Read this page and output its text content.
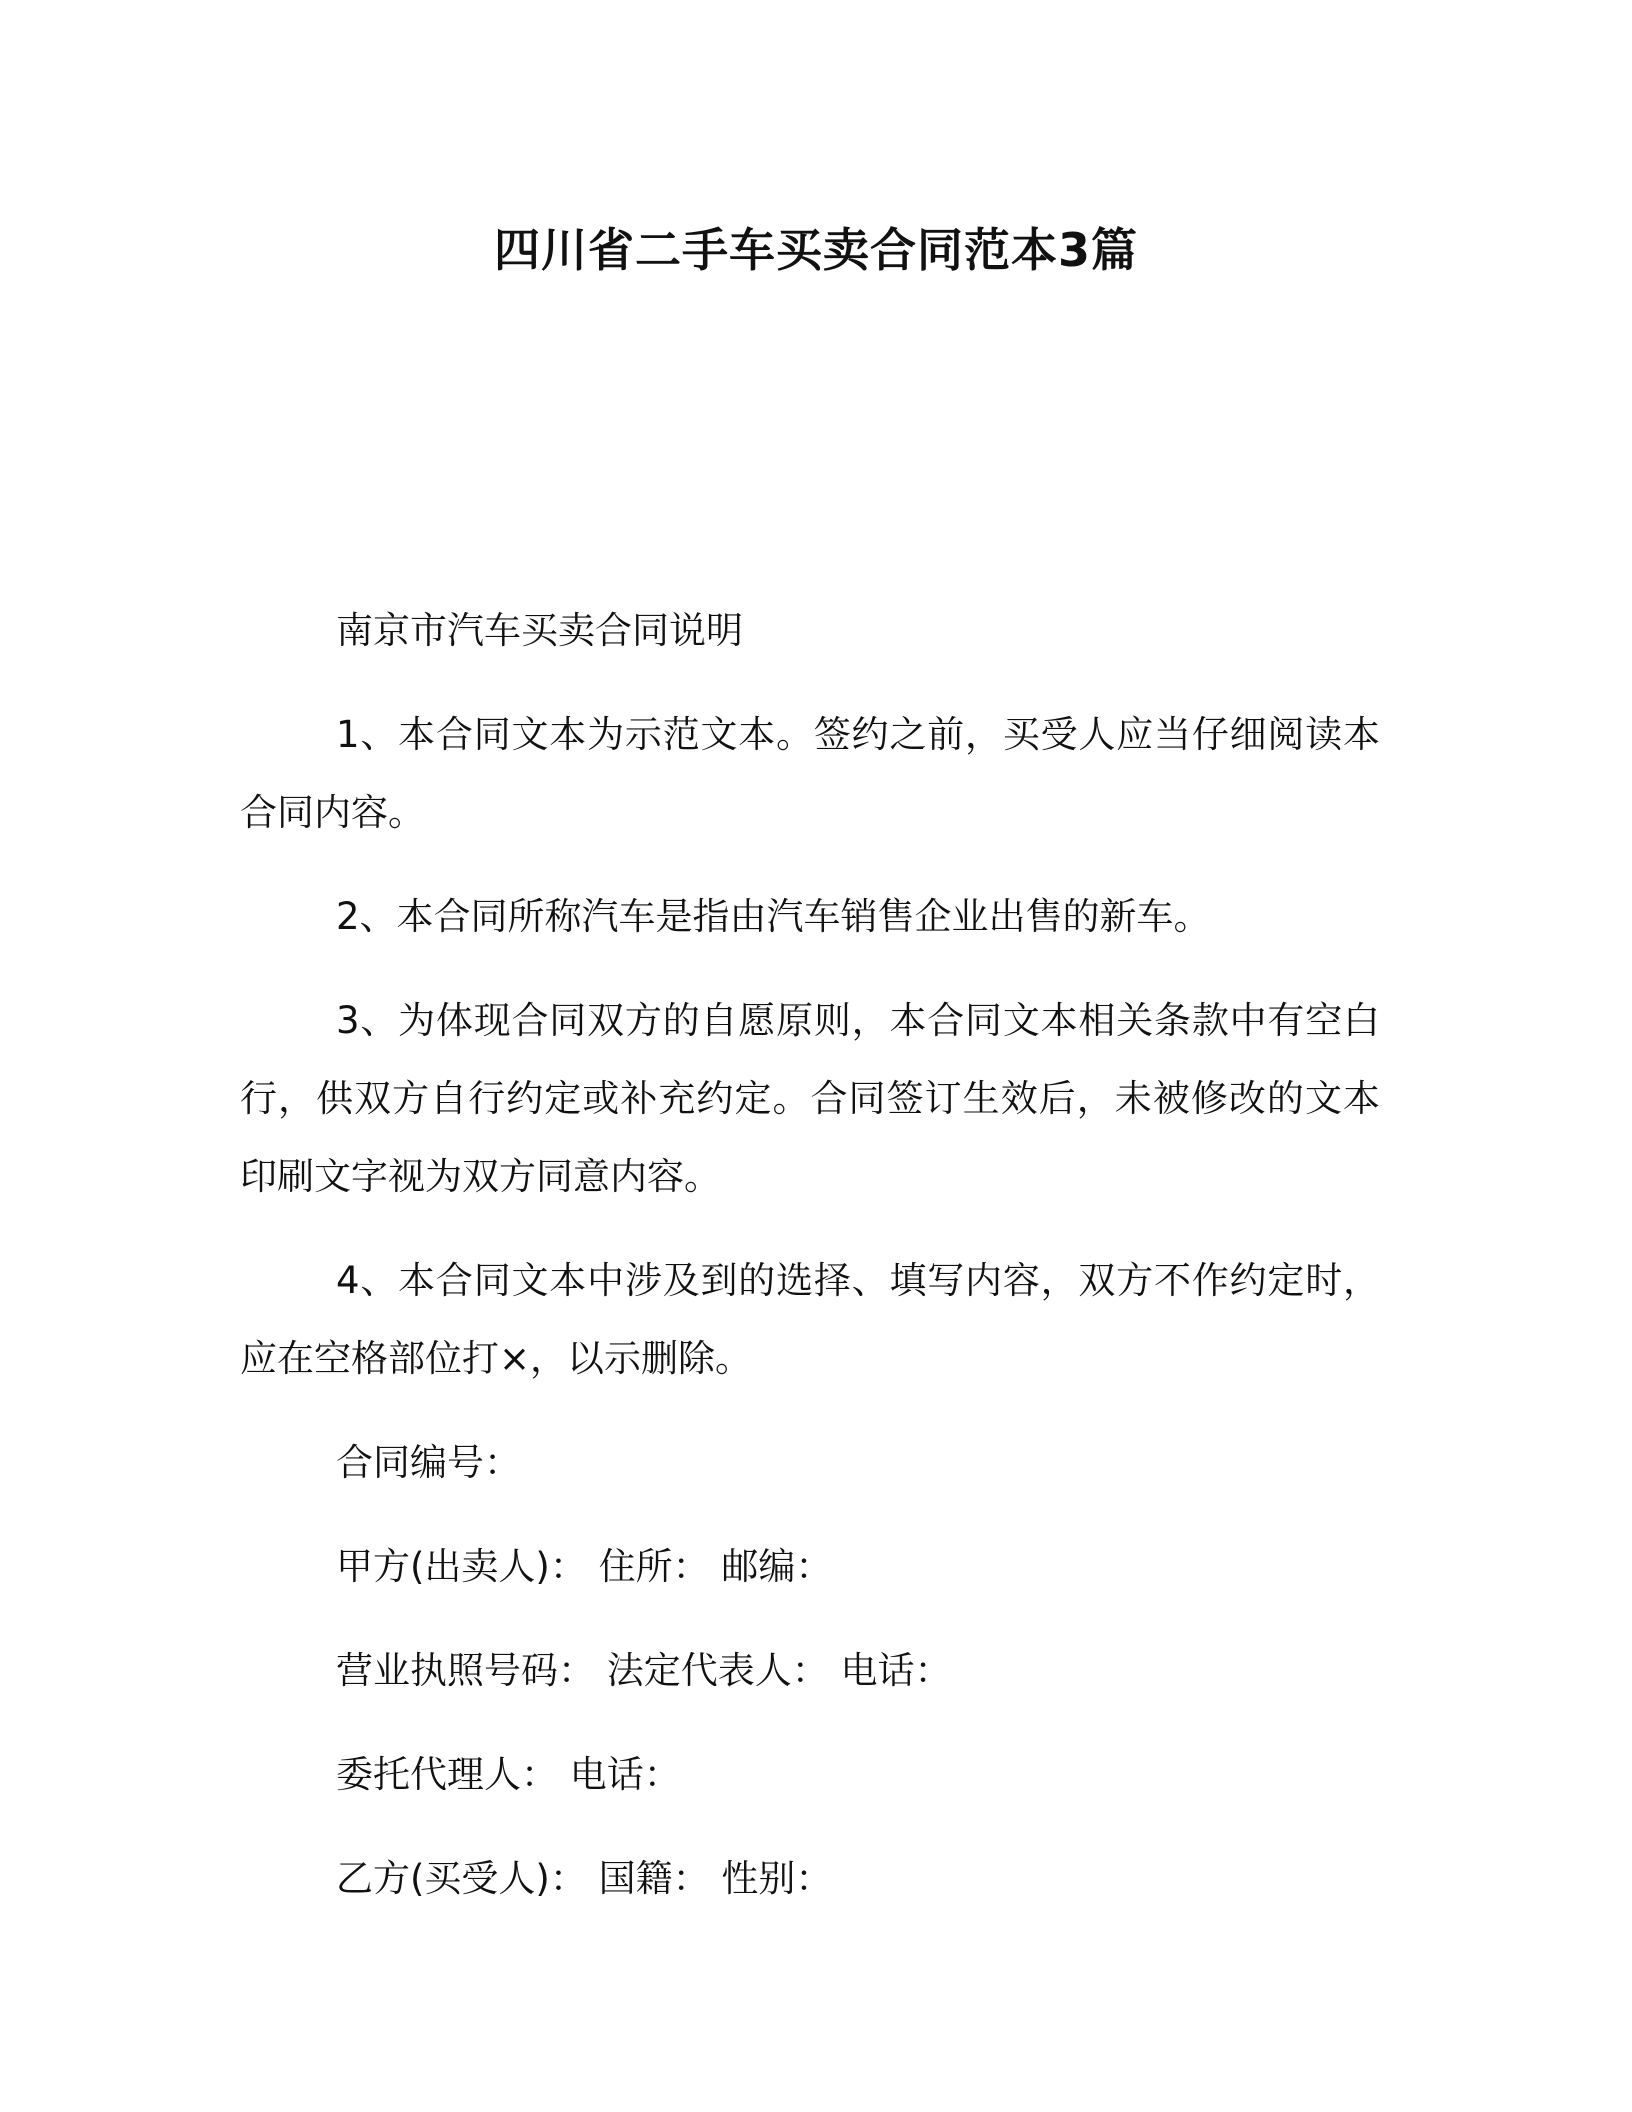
四川省二手车买卖合同范本3篇

南京市汽车买卖合同说明

1、本合同文本为示范文本。签约之前，买受人应当仔细阅读本合同内容。

2、本合同所称汽车是指由汽车销售企业出售的新车。

3、为体现合同双方的自愿原则，本合同文本相关条款中有空白行，供双方自行约定或补充约定。合同签订生效后，未被修改的文本印刷文字视为双方同意内容。

4、本合同文本中涉及到的选择、填写内容，双方不作约定时，应在空格部位打×，以示删除。

合同编号：

甲方(出卖人)： 住所： 邮编：

营业执照号码： 法定代表人： 电话：

委托代理人： 电话：

乙方(买受人)： 国籍： 性别：
